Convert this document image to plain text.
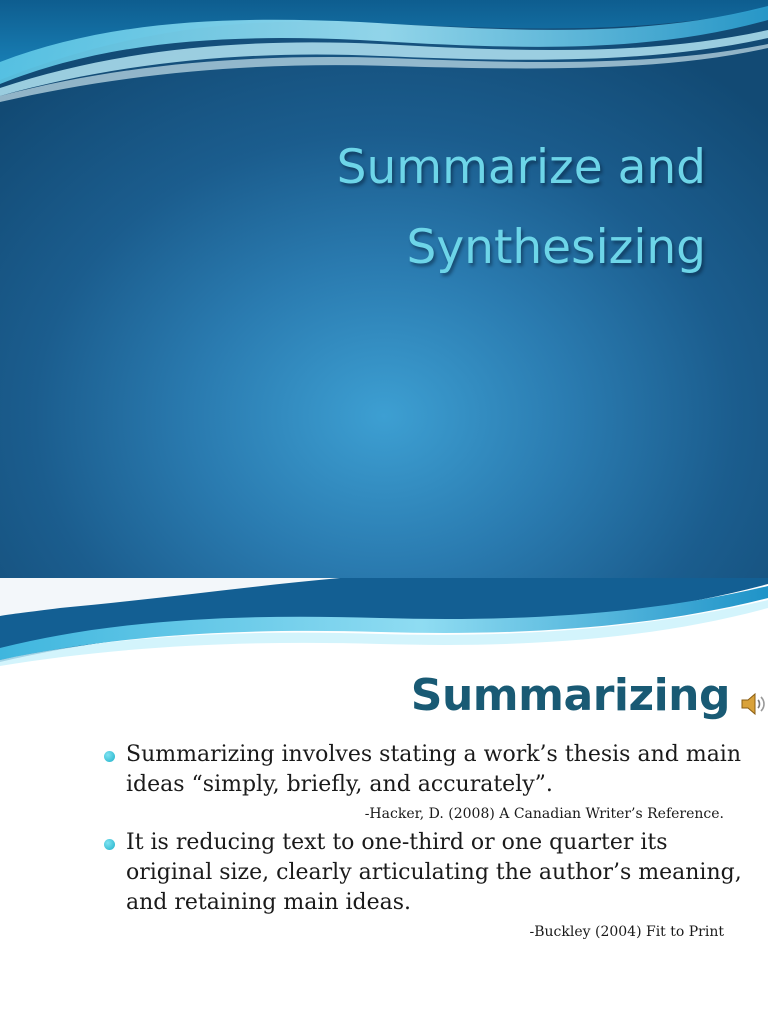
Summarize and
Synthesizing
Summarizing
Summarizing involves stating a work’s thesis and main ideas “simply, briefly, and accurately”.
-Hacker, D. (2008) A Canadian Writer’s Reference.
It is reducing text to one-third or one quarter its original size, clearly articulating the author’s meaning, and retaining main ideas.
-Buckley (2004) Fit to Print
